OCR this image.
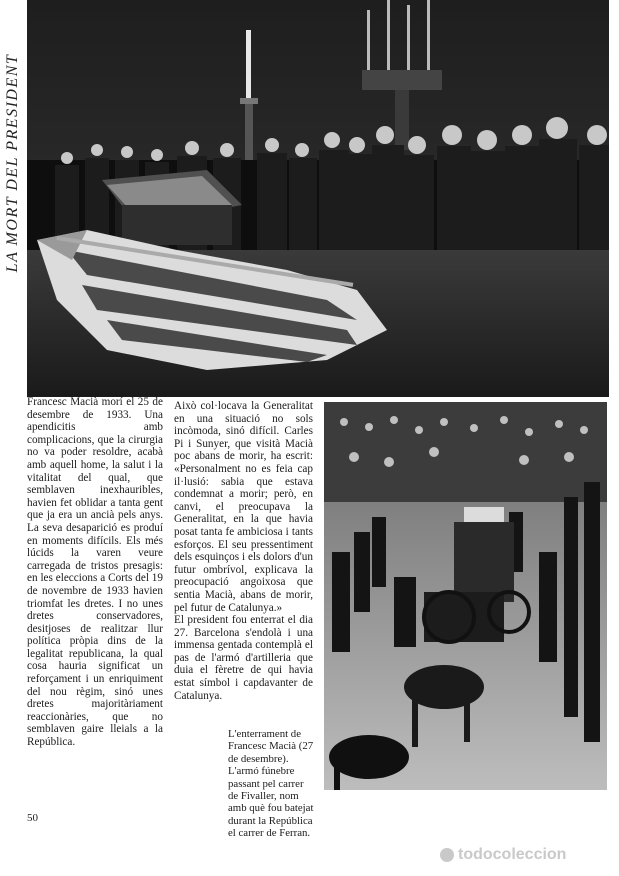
LA MORT DEL PRESIDENT

Francesc Macià morí el 25 de desembre de 1933. Una apendicitis amb complicacions, que la cirurgia no va poder resoldre, acabà amb aquell home, la salut i la vitalitat del qual, que semblaven inexhauribles, havien fet oblidar a tanta gent que ja era un ancià pels anys. La seva desaparició es produí en moments difícils. Els més lúcids la varen veure carregada de tristos presagis: en les eleccions a Corts del 19 de novembre de 1933 havien triomfat les dretes. I no unes dretes conservadores, desitjoses de realitzar llur política pròpia dins de la legalitat republicana, la qual cosa hauria significat un reforçament i un enriquiment del nou règim, sinó unes dretes majoritàriament reaccionàries, que no semblaven gaire lleials a la República.

Això col·locava la Generalitat en una situació no sols incòmoda, sinó difícil. Carles Pi i Sunyer, que visità Macià poc abans de morir, ha escrit: «Personalment no es feia cap il·lusió: sabia que estava condemnat a morir; però, en canvi, el preocupava la Generalitat, en la que havia posat tanta fe ambiciosa i tants esforços. El seu pressentiment dels esquinços i els dolors d'un futur ombrívol, explicava la preocupació angoixosa que sentia Macià, abans de morir, pel futur de Catalunya.»

El president fou enterrat el dia 27. Barcelona s'endolà i una immensa gentada contemplà el pas de l'armó d'artilleria que duia el fèretre de qui havia estat símbol i capdavanter de Catalunya.

L'enterrament de Francesc Macià (27 de desembre). L'armó fúnebre passant pel carrer de Fivaller, nom amb què fou batejat durant la República el carrer de Ferran.
50
todocoleccion
